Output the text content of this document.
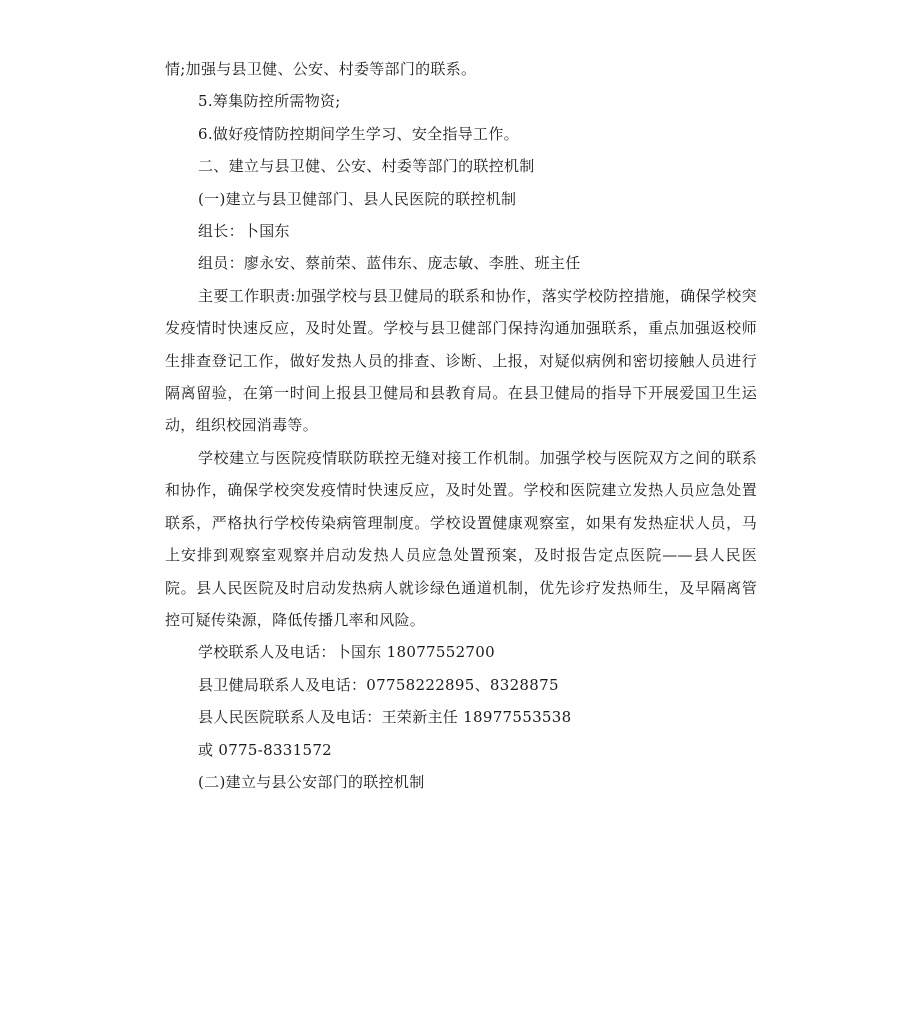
情;加强与县卫健、公安、村委等部门的联系。

5.筹集防控所需物资;

6.做好疫情防控期间学生学习、安全指导工作。

二、建立与县卫健、公安、村委等部门的联控机制

(一)建立与县卫健部门、县人民医院的联控机制

组长：卜国东

组员：廖永安、蔡前荣、蓝伟东、庞志敏、李胜、班主任

主要工作职责:加强学校与县卫健局的联系和协作，落实学校防控措施，确保学校突发疫情时快速反应，及时处置。学校与县卫健部门保持沟通加强联系，重点加强返校师生排查登记工作，做好发热人员的排查、诊断、上报，对疑似病例和密切接触人员进行隔离留验，在第一时间上报县卫健局和县教育局。在县卫健局的指导下开展爱国卫生运动，组织校园消毒等。

学校建立与医院疫情联防联控无缝对接工作机制。加强学校与医院双方之间的联系和协作，确保学校突发疫情时快速反应，及时处置。学校和医院建立发热人员应急处置联系，严格执行学校传染病管理制度。学校设置健康观察室，如果有发热症状人员，马上安排到观察室观察并启动发热人员应急处置预案，及时报告定点医院——县人民医院。县人民医院及时启动发热病人就诊绿色通道机制，优先诊疗发热师生，及早隔离管控可疑传染源，降低传播几率和风险。

学校联系人及电话：卜国东 18077552700

县卫健局联系人及电话：07758222895、8328875

县人民医院联系人及电话：王荣新主任 18977553538

或 0775-8331572

(二)建立与县公安部门的联控机制
